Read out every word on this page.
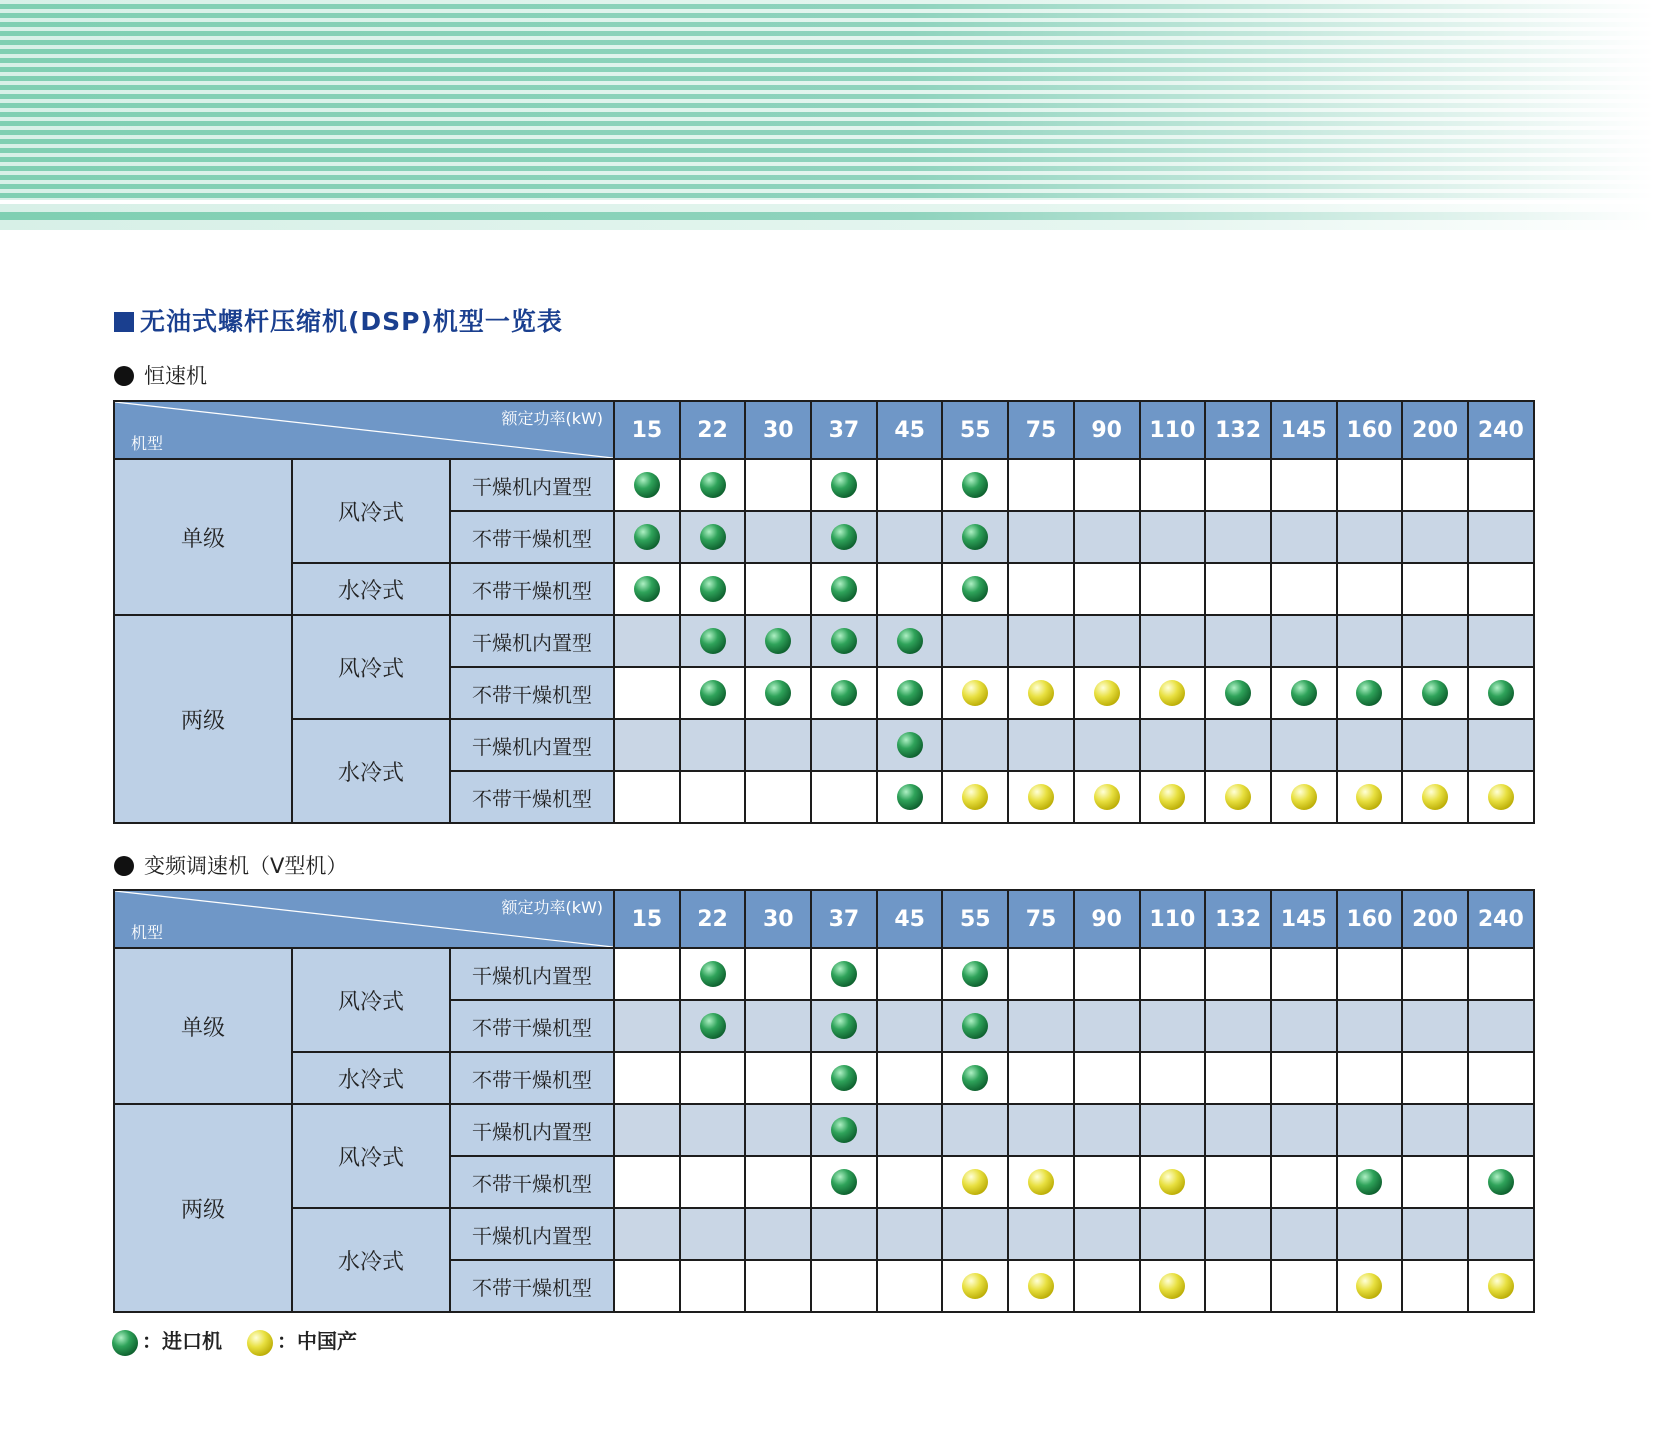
无油式螺杆压缩机(DSP)机型一览表
恒速机
额定功率(kW)
机型			15	22	30	37	45	55	75	90	110	132	145	160	200	240
单级	风冷式	干燥机内置型														
		不带干燥机型														
	水冷式	不带干燥机型														
两级	风冷式	干燥机内置型														
		不带干燥机型														
	水冷式	干燥机内置型														
		不带干燥机型														
变频调速机（V型机）
额定功率(kW)
机型			15	22	30	37	45	55	75	90	110	132	145	160	200	240
单级	风冷式	干燥机内置型														
		不带干燥机型														
	水冷式	不带干燥机型														
两级	风冷式	干燥机内置型														
		不带干燥机型														
	水冷式	干燥机内置型														
		不带干燥机型														
：进口机	：中国产
